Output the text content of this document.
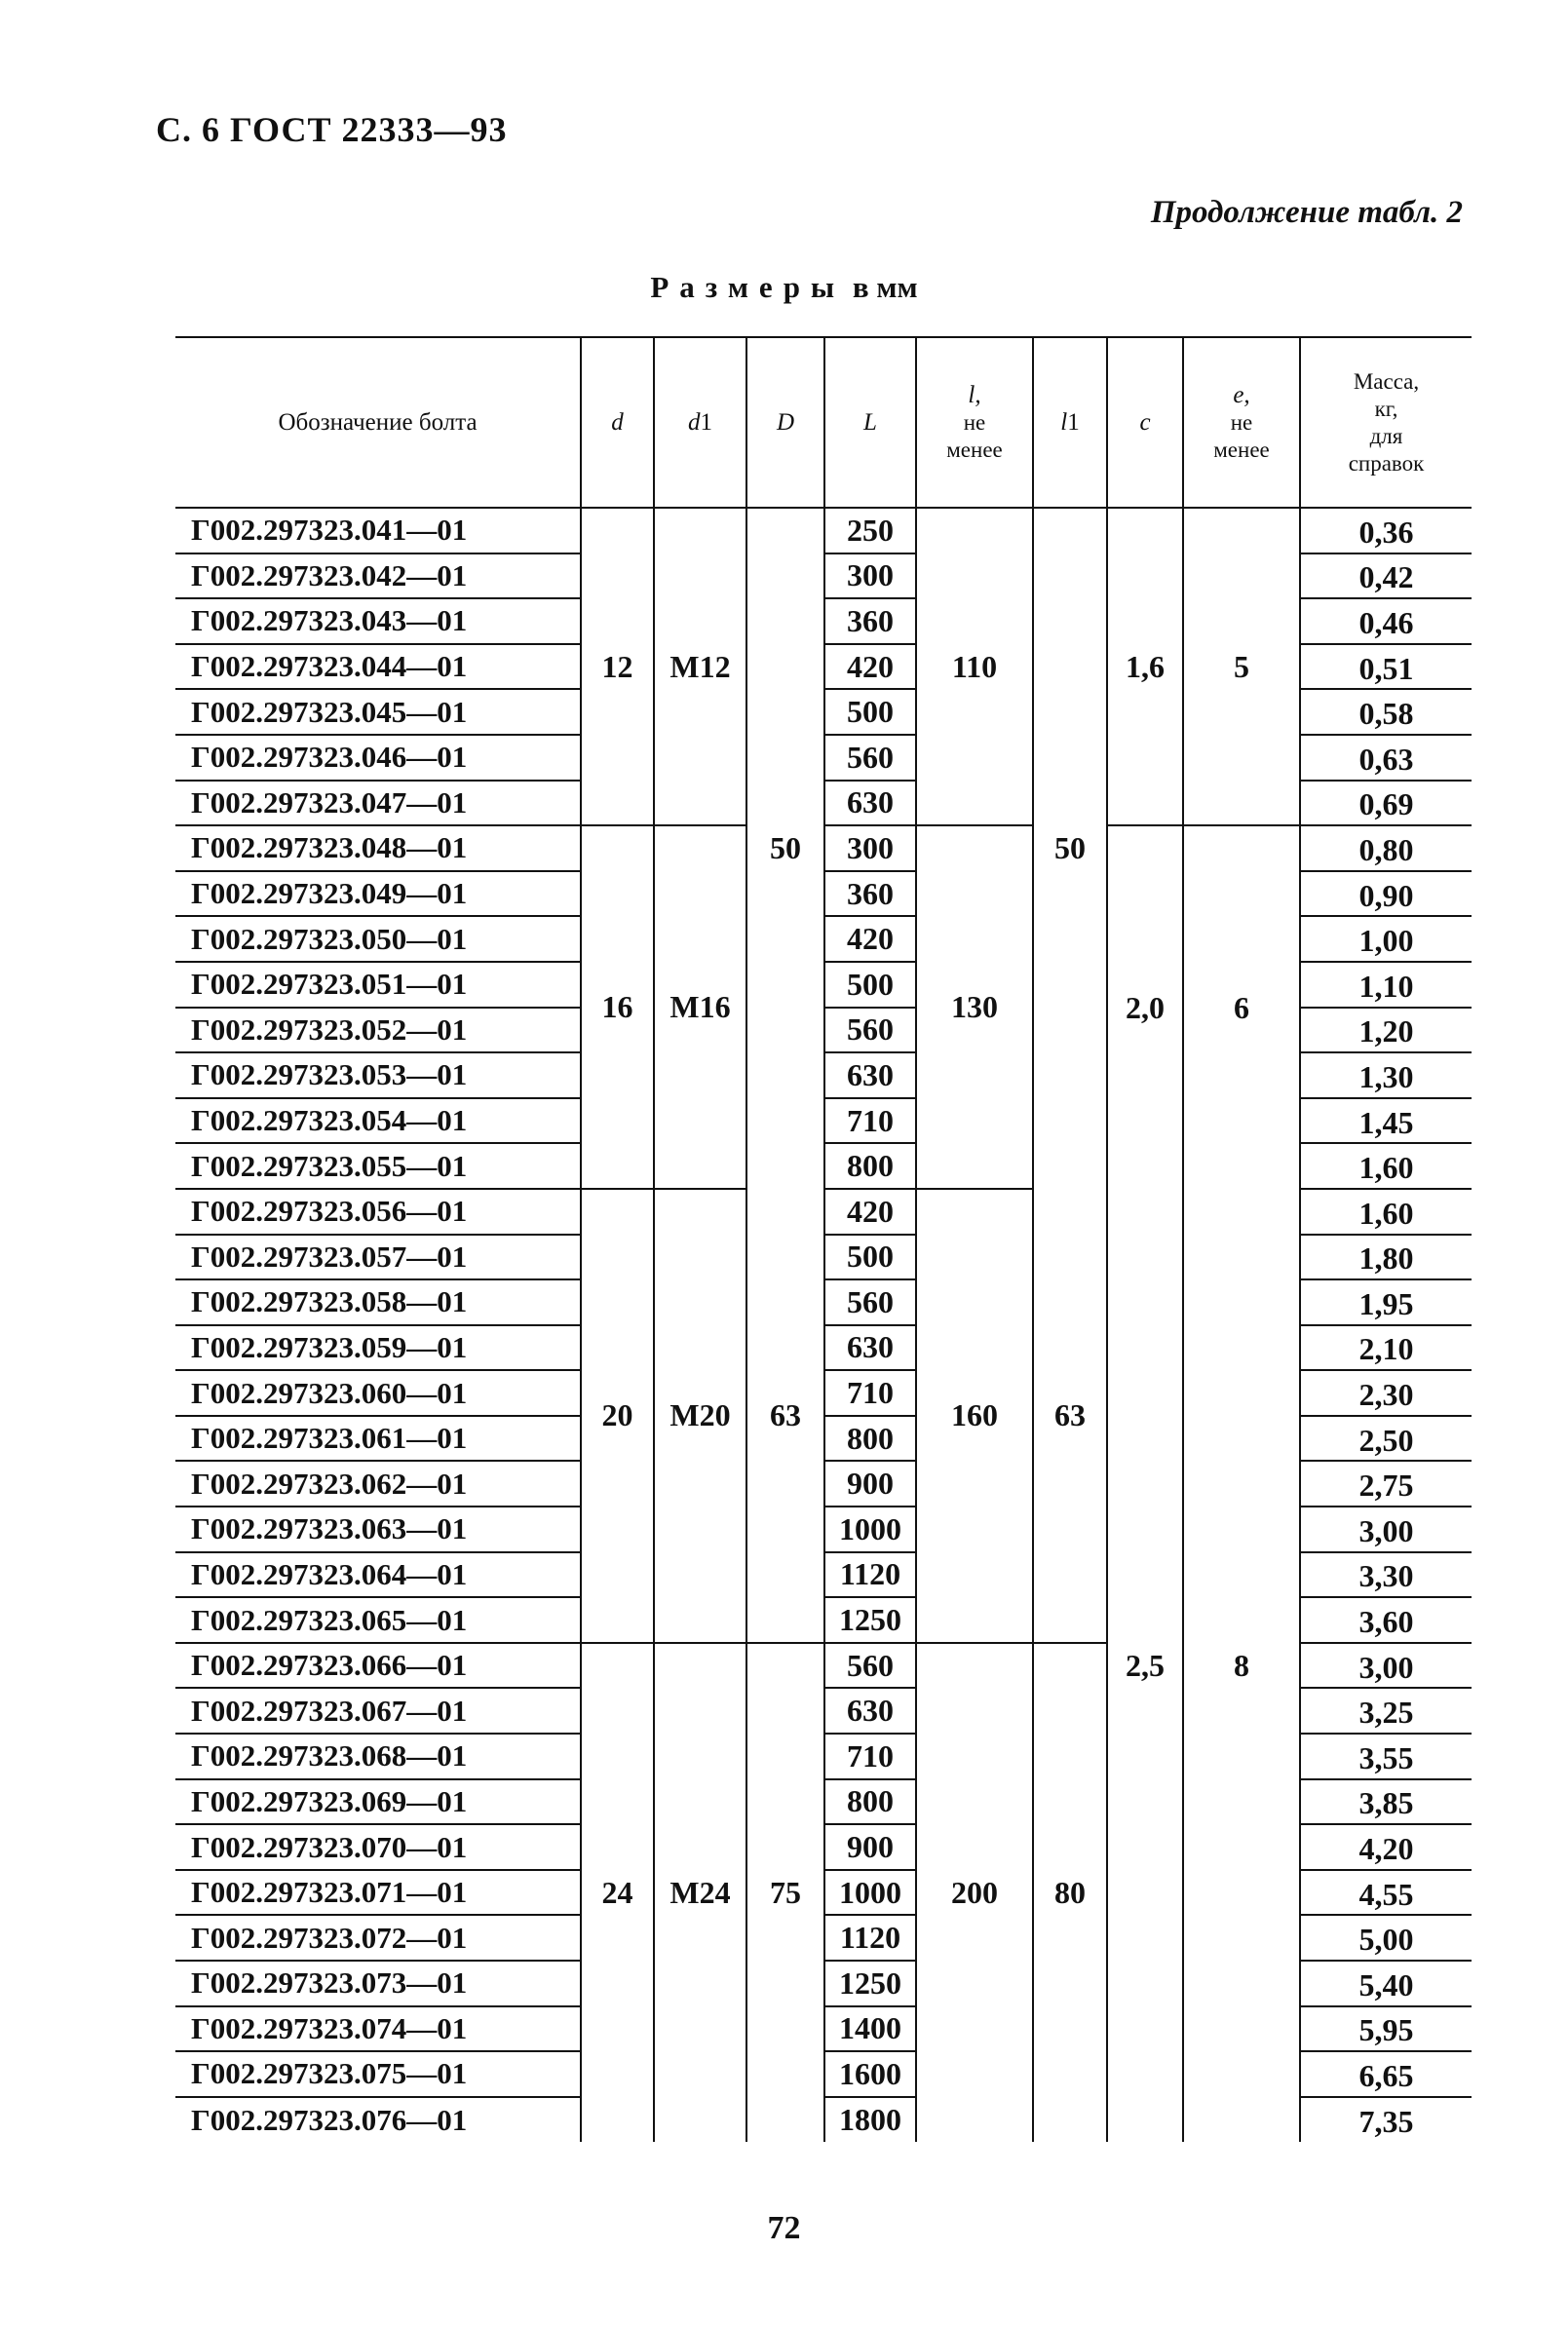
С. 6 ГОСТ 22333—93
Продолжение табл. 2
Размеры в мм
Обозначение болта	d	d1	D	L	l,
не
менее	l1	c	e,
не
менее	Масса,
кг,
для
справок
Г002.297323.041—01	12	M12	50	250	110	50	1,6	5	0,36
Г002.297323.042—01				300					0,42
Г002.297323.043—01				360					0,46
Г002.297323.044—01				420					0,51
Г002.297323.045—01				500					0,58
Г002.297323.046—01				560					0,63
Г002.297323.047—01				630					0,69
Г002.297323.048—01	16	M16		300	130		2,0	6	0,80
Г002.297323.049—01				360					0,90
Г002.297323.050—01				420					1,00
Г002.297323.051—01				500					1,10
Г002.297323.052—01				560					1,20
Г002.297323.053—01				630					1,30
Г002.297323.054—01				710					1,45
Г002.297323.055—01				800					1,60
Г002.297323.056—01	20	M20	63	420	160	63	2,5	8	1,60
Г002.297323.057—01				500					1,80
Г002.297323.058—01				560					1,95
Г002.297323.059—01				630					2,10
Г002.297323.060—01				710					2,30
Г002.297323.061—01				800					2,50
Г002.297323.062—01				900					2,75
Г002.297323.063—01				1000					3,00
Г002.297323.064—01				1120					3,30
Г002.297323.065—01				1250					3,60
Г002.297323.066—01	24	M24	75	560	200	80			3,00
Г002.297323.067—01				630					3,25
Г002.297323.068—01				710					3,55
Г002.297323.069—01				800					3,85
Г002.297323.070—01				900					4,20
Г002.297323.071—01				1000					4,55
Г002.297323.072—01				1120					5,00
Г002.297323.073—01				1250					5,40
Г002.297323.074—01				1400					5,95
Г002.297323.075—01				1600					6,65
Г002.297323.076—01				1800					7,35
72
